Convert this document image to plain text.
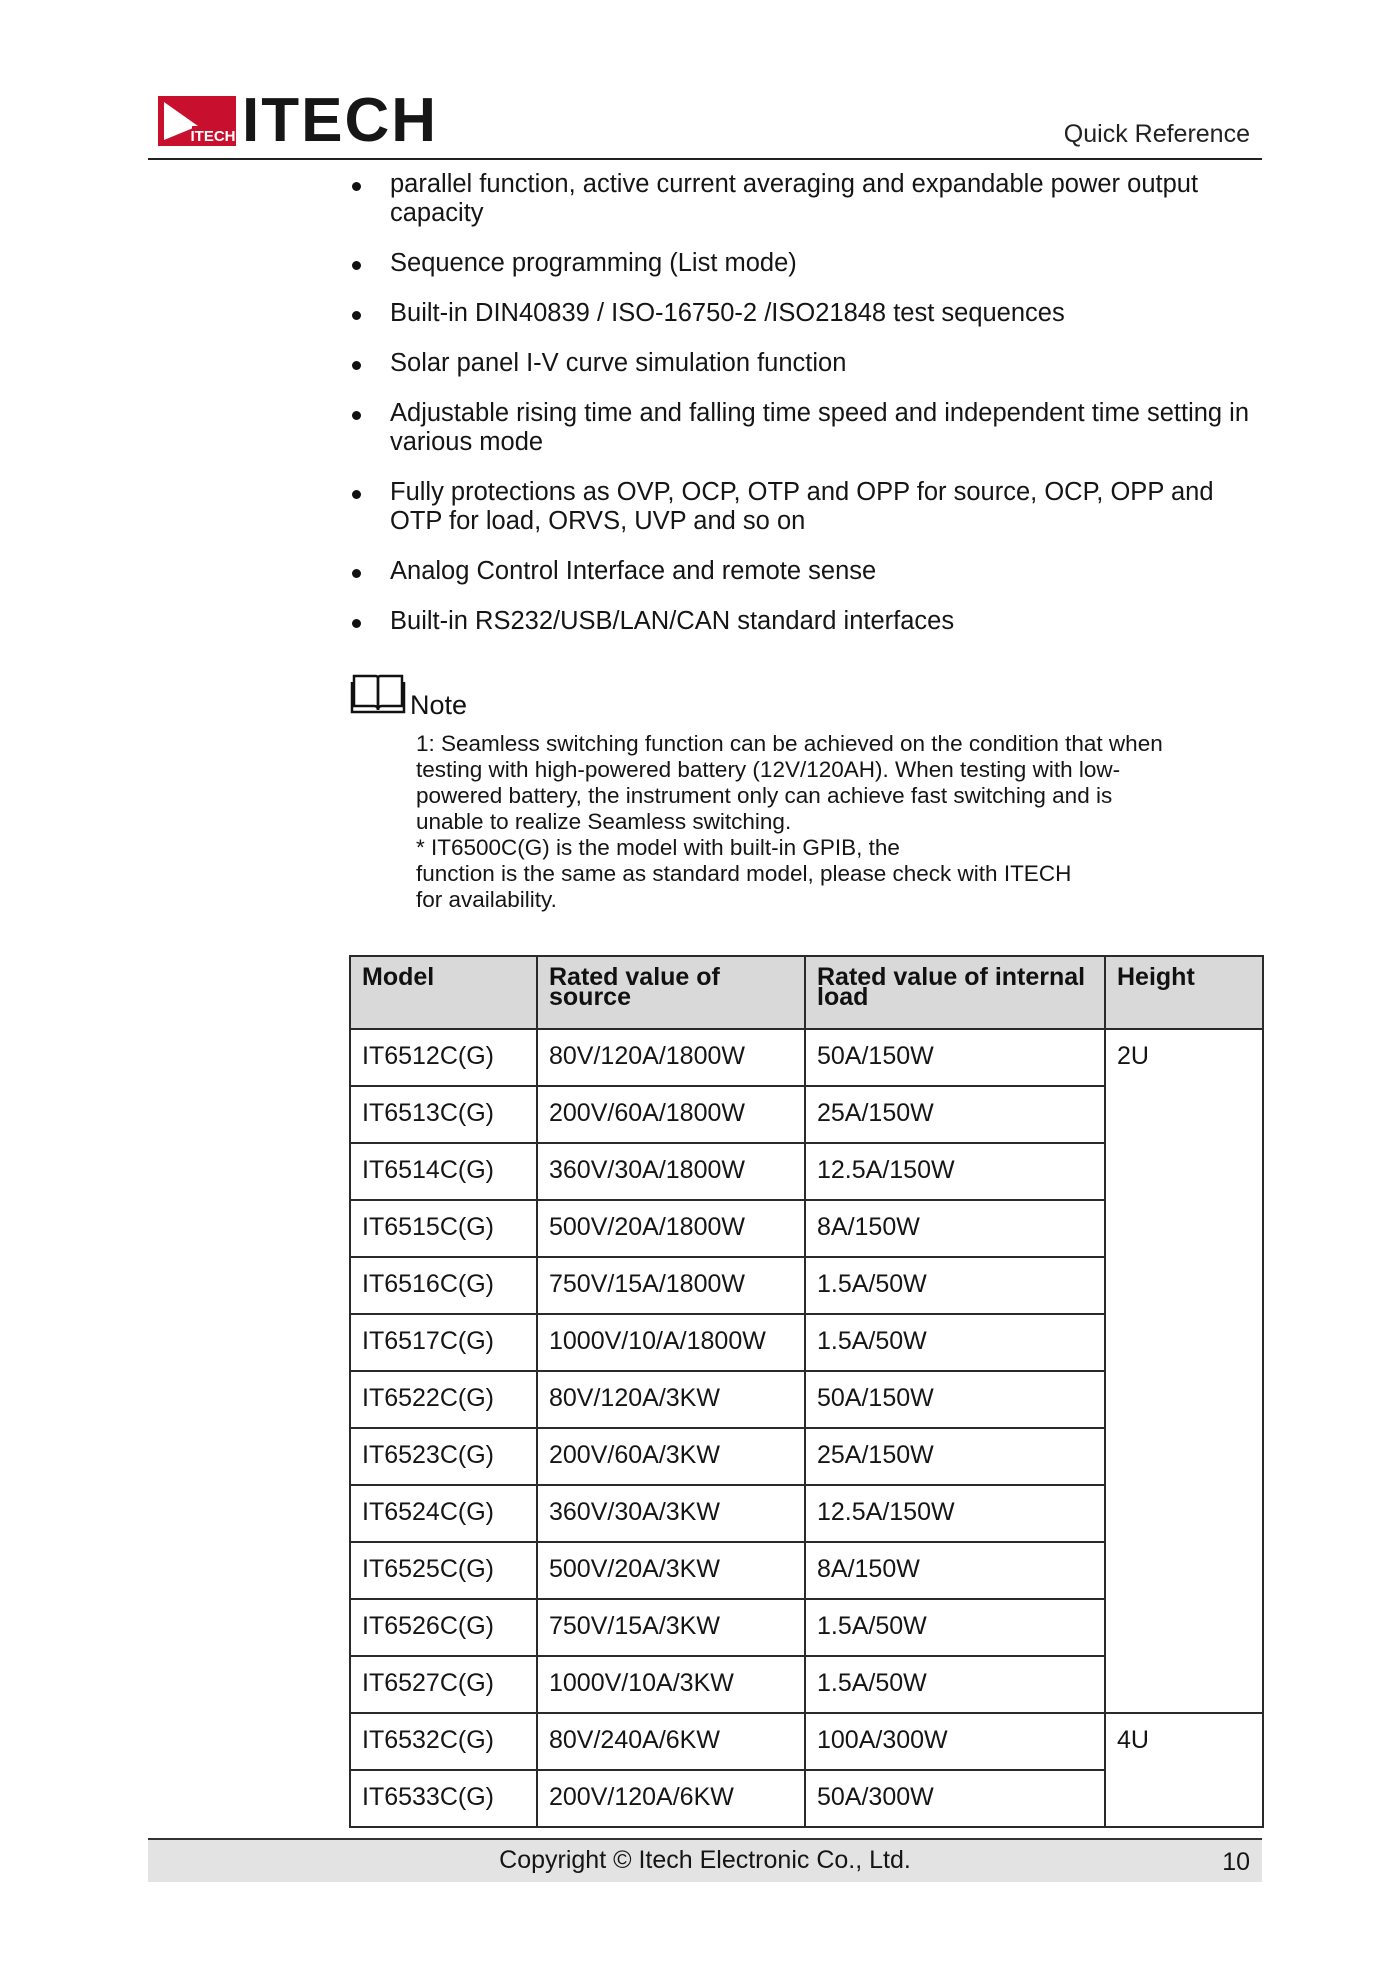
ITECH ITECH	Quick Reference
parallel function, active current averaging and expandable power output capacity
Sequence programming (List mode)
Built-in DIN40839 / ISO-16750-2 /ISO21848 test sequences
Solar panel I-V curve simulation function
Adjustable rising time and falling time speed and independent time setting in various mode
Fully protections as OVP, OCP, OTP and OPP for source, OCP, OPP and OTP for load, ORVS, UVP and so on
Analog Control Interface and remote sense
Built-in RS232/USB/LAN/CAN standard interfaces
Note

1: Seamless switching function can be achieved on the condition that when

testing with high-powered battery (12V/120AH). When testing with low-

powered battery, the instrument only can achieve fast switching and is

unable to realize Seamless switching.

* IT6500C(G) is the model with built-in GPIB, the

function is the same as standard model, please check with ITECH

for availability.

Model	Rated value of source	Rated value of internal load	Height
IT6512C(G)	80V/120A/1800W	50A/150W	2U
IT6513C(G)	200V/60A/1800W	25A/150W	
IT6514C(G)	360V/30A/1800W	12.5A/150W	
IT6515C(G)	500V/20A/1800W	8A/150W	
IT6516C(G)	750V/15A/1800W	1.5A/50W	
IT6517C(G)	1000V/10/A/1800W	1.5A/50W	
IT6522C(G)	80V/120A/3KW	50A/150W	
IT6523C(G)	200V/60A/3KW	25A/150W	
IT6524C(G)	360V/30A/3KW	12.5A/150W	
IT6525C(G)	500V/20A/3KW	8A/150W	
IT6526C(G)	750V/15A/3KW	1.5A/50W	
IT6527C(G)	1000V/10A/3KW	1.5A/50W	
IT6532C(G)	80V/240A/6KW	100A/300W	4U
IT6533C(G)	200V/120A/6KW	50A/300W	
Copyright © Itech Electronic Co., Ltd.	10
